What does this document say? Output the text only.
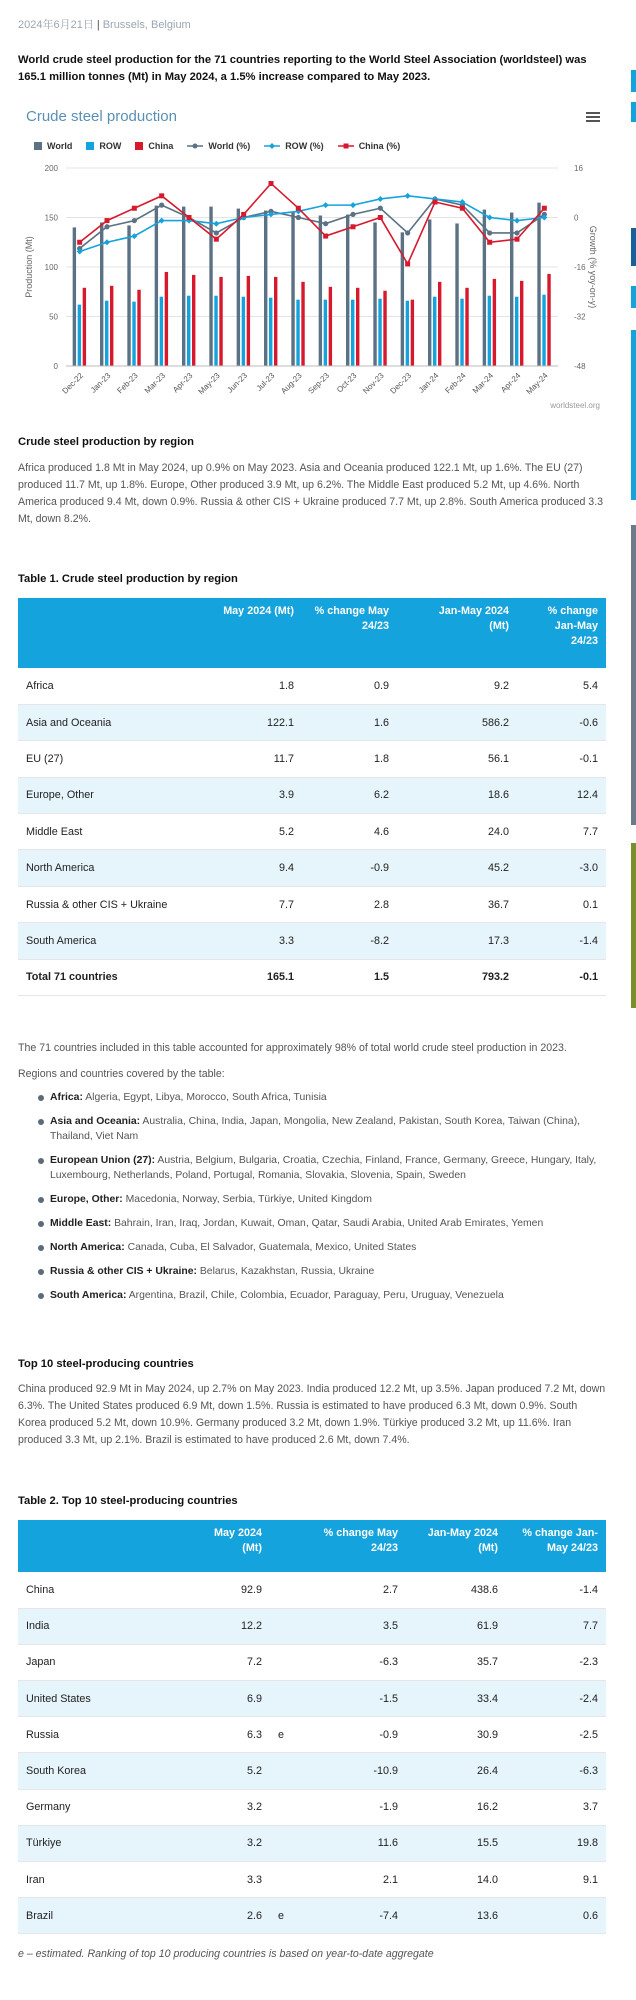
2024年6月21日 | Brussels, Belgium
World crude steel production for the 71 countries reporting to the World Steel Association (worldsteel) was 165.1 million tonnes (Mt) in May 2024, a 1.5% increase compared to May 2023.
Crude steel production
World	ROW	China	World (%)	ROW (%)	China (%)
0
50
100
150
200
-48
-32
-16
0
16
Production (Mt)	Growth (% yoy-on-y)
Dec-22 Jan-23 Feb-23 Mar-23 Apr-23 May-23 Jun-23 Jul-23 Aug-23 Sep-23 Oct-23 Nov-23 Dec-23 Jan-24 Feb-24 Mar-24 Apr-24 May-24
worldsteel.org
Crude steel production by region
Africa produced 1.8 Mt in May 2024, up 0.9% on May 2023. Asia and Oceania produced 122.1 Mt, up 1.6%. The EU (27) produced 11.7 Mt, up 1.8%. Europe, Other produced 3.9 Mt, up 6.2%. The Middle East produced 5.2 Mt, up 4.6%. North America produced 9.4 Mt, down 0.9%. Russia & other CIS + Ukraine produced 7.7 Mt, up 2.8%. South America produced 3.3 Mt, down 8.2%.
Table 1. Crude steel production by region
	May 2024 (Mt)	% change May 24/23		Jan-May 2024 (Mt)	% change Jan-May 24/23
Africa	1.8	0.9		9.2	5.4
Asia and Oceania	122.1	1.6		586.2	-0.6
EU (27)	11.7	1.8		56.1	-0.1
Europe, Other	3.9	6.2		18.6	12.4
Middle East	5.2	4.6		24.0	7.7
North America	9.4	-0.9		45.2	-3.0
Russia & other CIS + Ukraine	7.7	2.8		36.7	0.1
South America	3.3	-8.2		17.3	-1.4
Total 71 countries	165.1	1.5		793.2	-0.1
The 71 countries included in this table accounted for approximately 98% of total world crude steel production in 2023.
Regions and countries covered by the table:
Africa: Algeria, Egypt, Libya, Morocco, South Africa, Tunisia
Asia and Oceania: Australia, China, India, Japan, Mongolia, New Zealand, Pakistan, South Korea, Taiwan (China), Thailand, Viet Nam
European Union (27): Austria, Belgium, Bulgaria, Croatia, Czechia, Finland, France, Germany, Greece, Hungary, Italy, Luxembourg, Netherlands, Poland, Portugal, Romania, Slovakia, Slovenia, Spain, Sweden
Europe, Other: Macedonia, Norway, Serbia, Türkiye, United Kingdom
Middle East: Bahrain, Iran, Iraq, Jordan, Kuwait, Oman, Qatar, Saudi Arabia, United Arab Emirates, Yemen
North America: Canada, Cuba, El Salvador, Guatemala, Mexico, United States
Russia & other CIS + Ukraine: Belarus, Kazakhstan, Russia, Ukraine
South America: Argentina, Brazil, Chile, Colombia, Ecuador, Paraguay, Peru, Uruguay, Venezuela
Top 10 steel-producing countries
China produced 92.9 Mt in May 2024, up 2.7% on May 2023. India produced 12.2 Mt, up 3.5%. Japan produced 7.2 Mt, down 6.3%. The United States produced 6.9 Mt, down 1.5%. Russia is estimated to have produced 6.3 Mt, down 0.9%. South Korea produced 5.2 Mt, down 10.9%. Germany produced 3.2 Mt, down 1.9%. Türkiye produced 3.2 Mt, up 11.6%. Iran produced 3.3 Mt, up 2.1%. Brazil is estimated to have produced 2.6 Mt, down 7.4%.
Table 2. Top 10 steel-producing countries
	May 2024 (Mt)		% change May 24/23	Jan-May 2024 (Mt)	% change Jan-May 24/23
China	92.9		2.7	438.6	-1.4
India	12.2		3.5	61.9	7.7
Japan	7.2		-6.3	35.7	-2.3
United States	6.9		-1.5	33.4	-2.4
Russia	6.3	e	-0.9	30.9	-2.5
South Korea	5.2		-10.9	26.4	-6.3
Germany	3.2		-1.9	16.2	3.7
Türkiye	3.2		11.6	15.5	19.8
Iran	3.3		2.1	14.0	9.1
Brazil	2.6	e	-7.4	13.6	0.6
e – estimated. Ranking of top 10 producing countries is based on year-to-date aggregate
